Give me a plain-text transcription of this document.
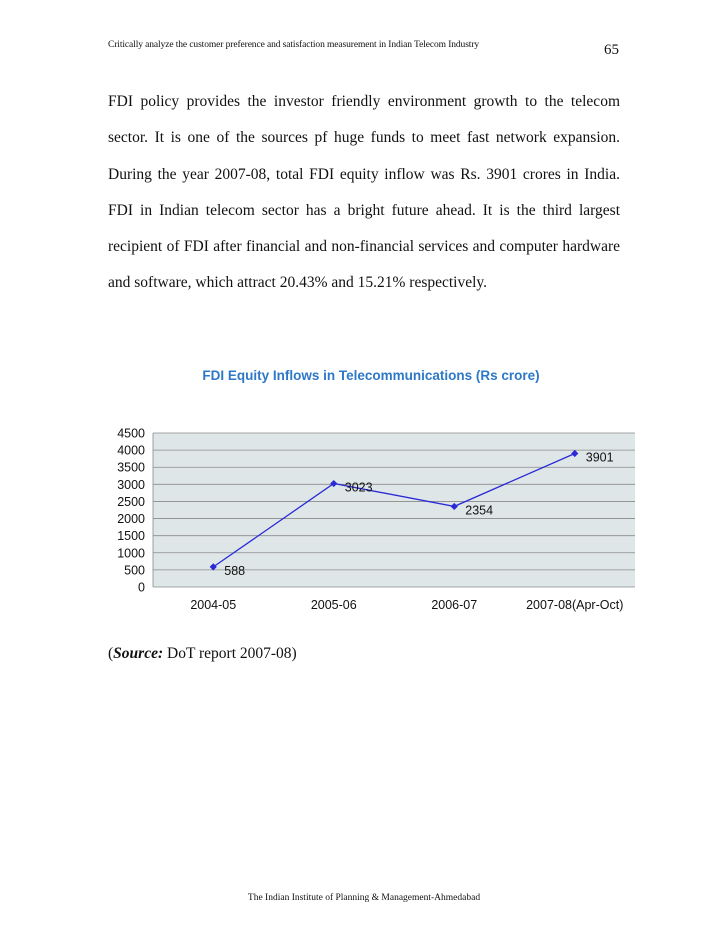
Critically analyze the customer preference and satisfaction measurement in Indian Telecom Industry	65

FDI policy provides the investor friendly environment growth to the telecom sector. It is one of the sources pf huge funds to meet fast network expansion. During the year 2007-08, total FDI equity inflow was Rs. 3901 crores in India. FDI in Indian telecom sector has a bright future ahead. It is the third largest recipient of FDI after financial and non-financial services and computer hardware and software, which attract 20.43% and 15.21% respectively.

FDI Equity Inflows in Telecommunications (Rs crore)
4500
4000
3500
3000
2500
2000
1500
1000
500
0
2004-05	2005-06	2006-07	2007-08(Apr-Oct)
588
3023
2354
3901
(Source: DoT report 2007-08)
The Indian Institute of Planning & Management-Ahmedabad
